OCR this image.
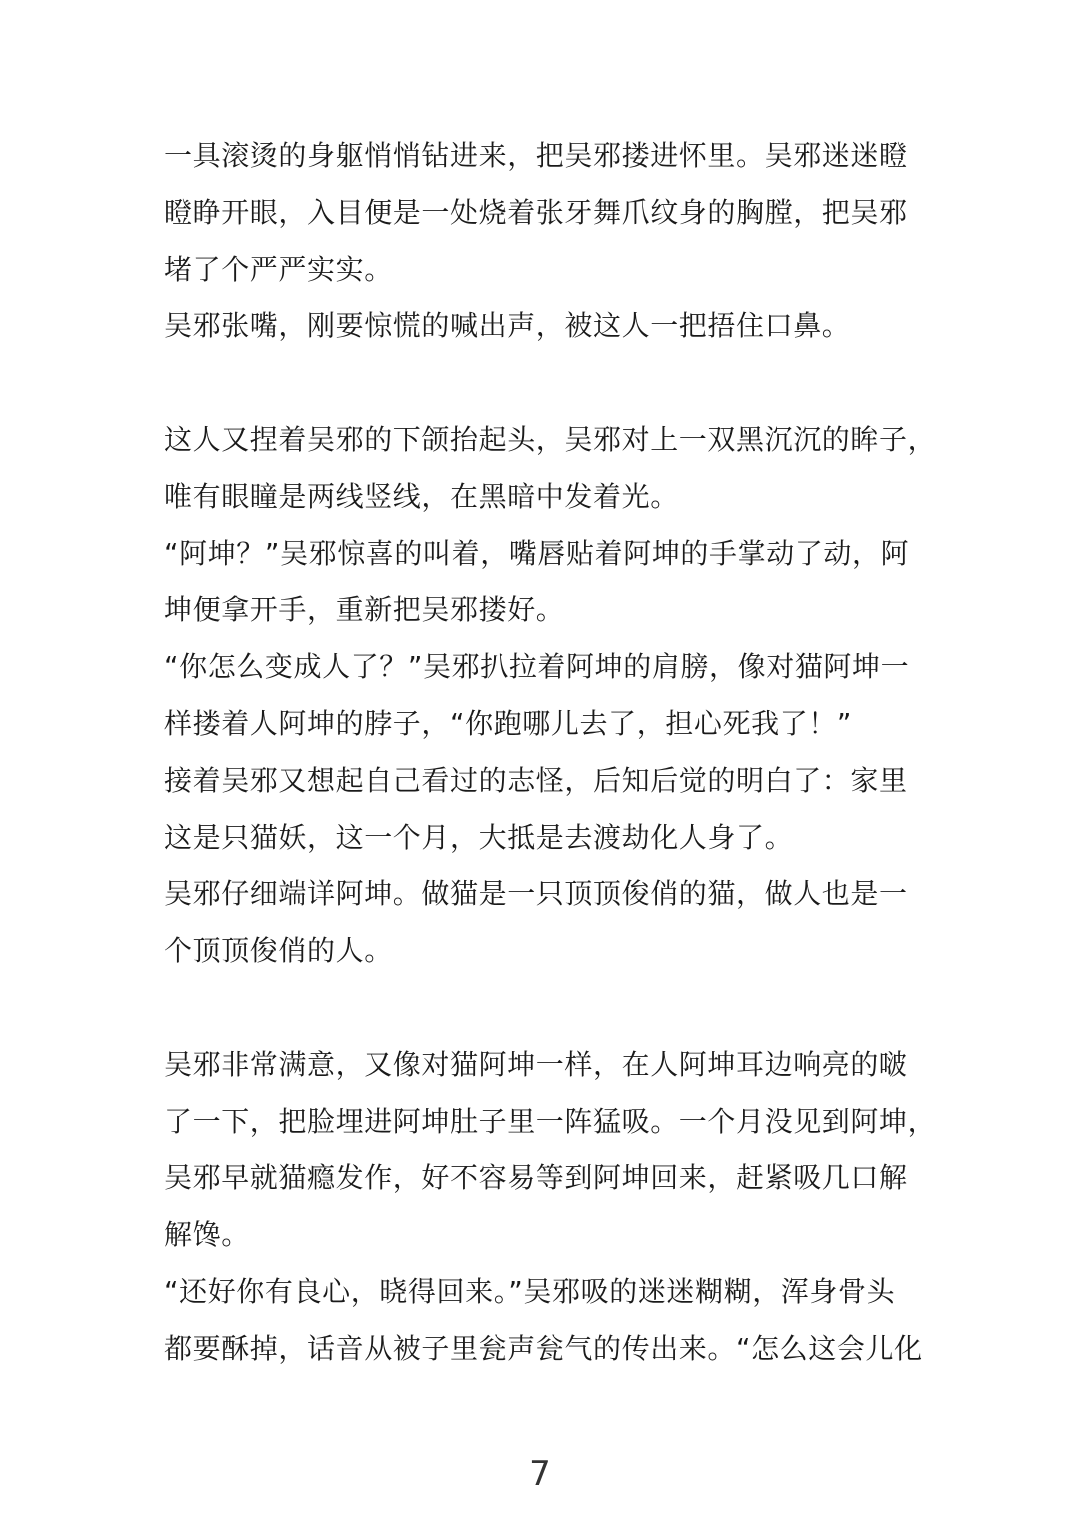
一具滚烫的身躯悄悄钻进来，把吴邪搂进怀里。吴邪迷迷瞪
瞪睁开眼，入目便是一处烧着张牙舞爪纹身的胸膛，把吴邪
堵了个严严实实。
吴邪张嘴，刚要惊慌的喊出声，被这人一把捂住口鼻。
这人又捏着吴邪的下颌抬起头，吴邪对上一双黑沉沉的眸子，
唯有眼瞳是两线竖线，在黑暗中发着光。
“阿坤？”吴邪惊喜的叫着，嘴唇贴着阿坤的手掌动了动，阿
坤便拿开手，重新把吴邪搂好。
“你怎么变成人了？”吴邪扒拉着阿坤的肩膀，像对猫阿坤一
样搂着人阿坤的脖子，“你跑哪儿去了，担心死我了！”
接着吴邪又想起自己看过的志怪，后知后觉的明白了：家里
这是只猫妖，这一个月，大抵是去渡劫化人身了。
吴邪仔细端详阿坤。做猫是一只顶顶俊俏的猫，做人也是一
个顶顶俊俏的人。
吴邪非常满意，又像对猫阿坤一样，在人阿坤耳边响亮的啵
了一下，把脸埋进阿坤肚子里一阵猛吸。一个月没见到阿坤，
吴邪早就猫瘾发作，好不容易等到阿坤回来，赶紧吸几口解
解馋。
“还好你有良心，晓得回来。”吴邪吸的迷迷糊糊，浑身骨头
都要酥掉，话音从被子里瓮声瓮气的传出来。“怎么这会儿化
7
